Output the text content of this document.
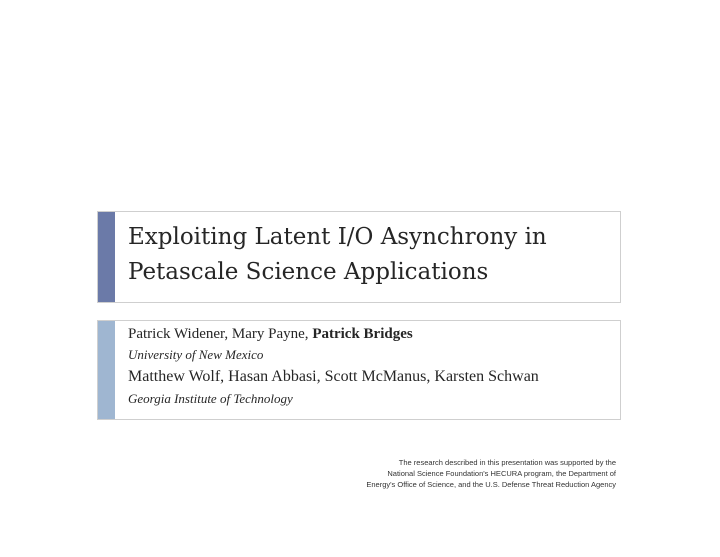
Exploiting Latent I/O Asynchrony in
Petascale Science Applications
Patrick Widener, Mary Payne, Patrick Bridges
University of New Mexico
Matthew Wolf, Hasan Abbasi, Scott McManus, Karsten Schwan
Georgia Institute of Technology
The research described in this presentation was supported by the
National Science Foundation's HECURA program, the Department of
Energy's Office of Science, and the U.S. Defense Threat Reduction Agency
